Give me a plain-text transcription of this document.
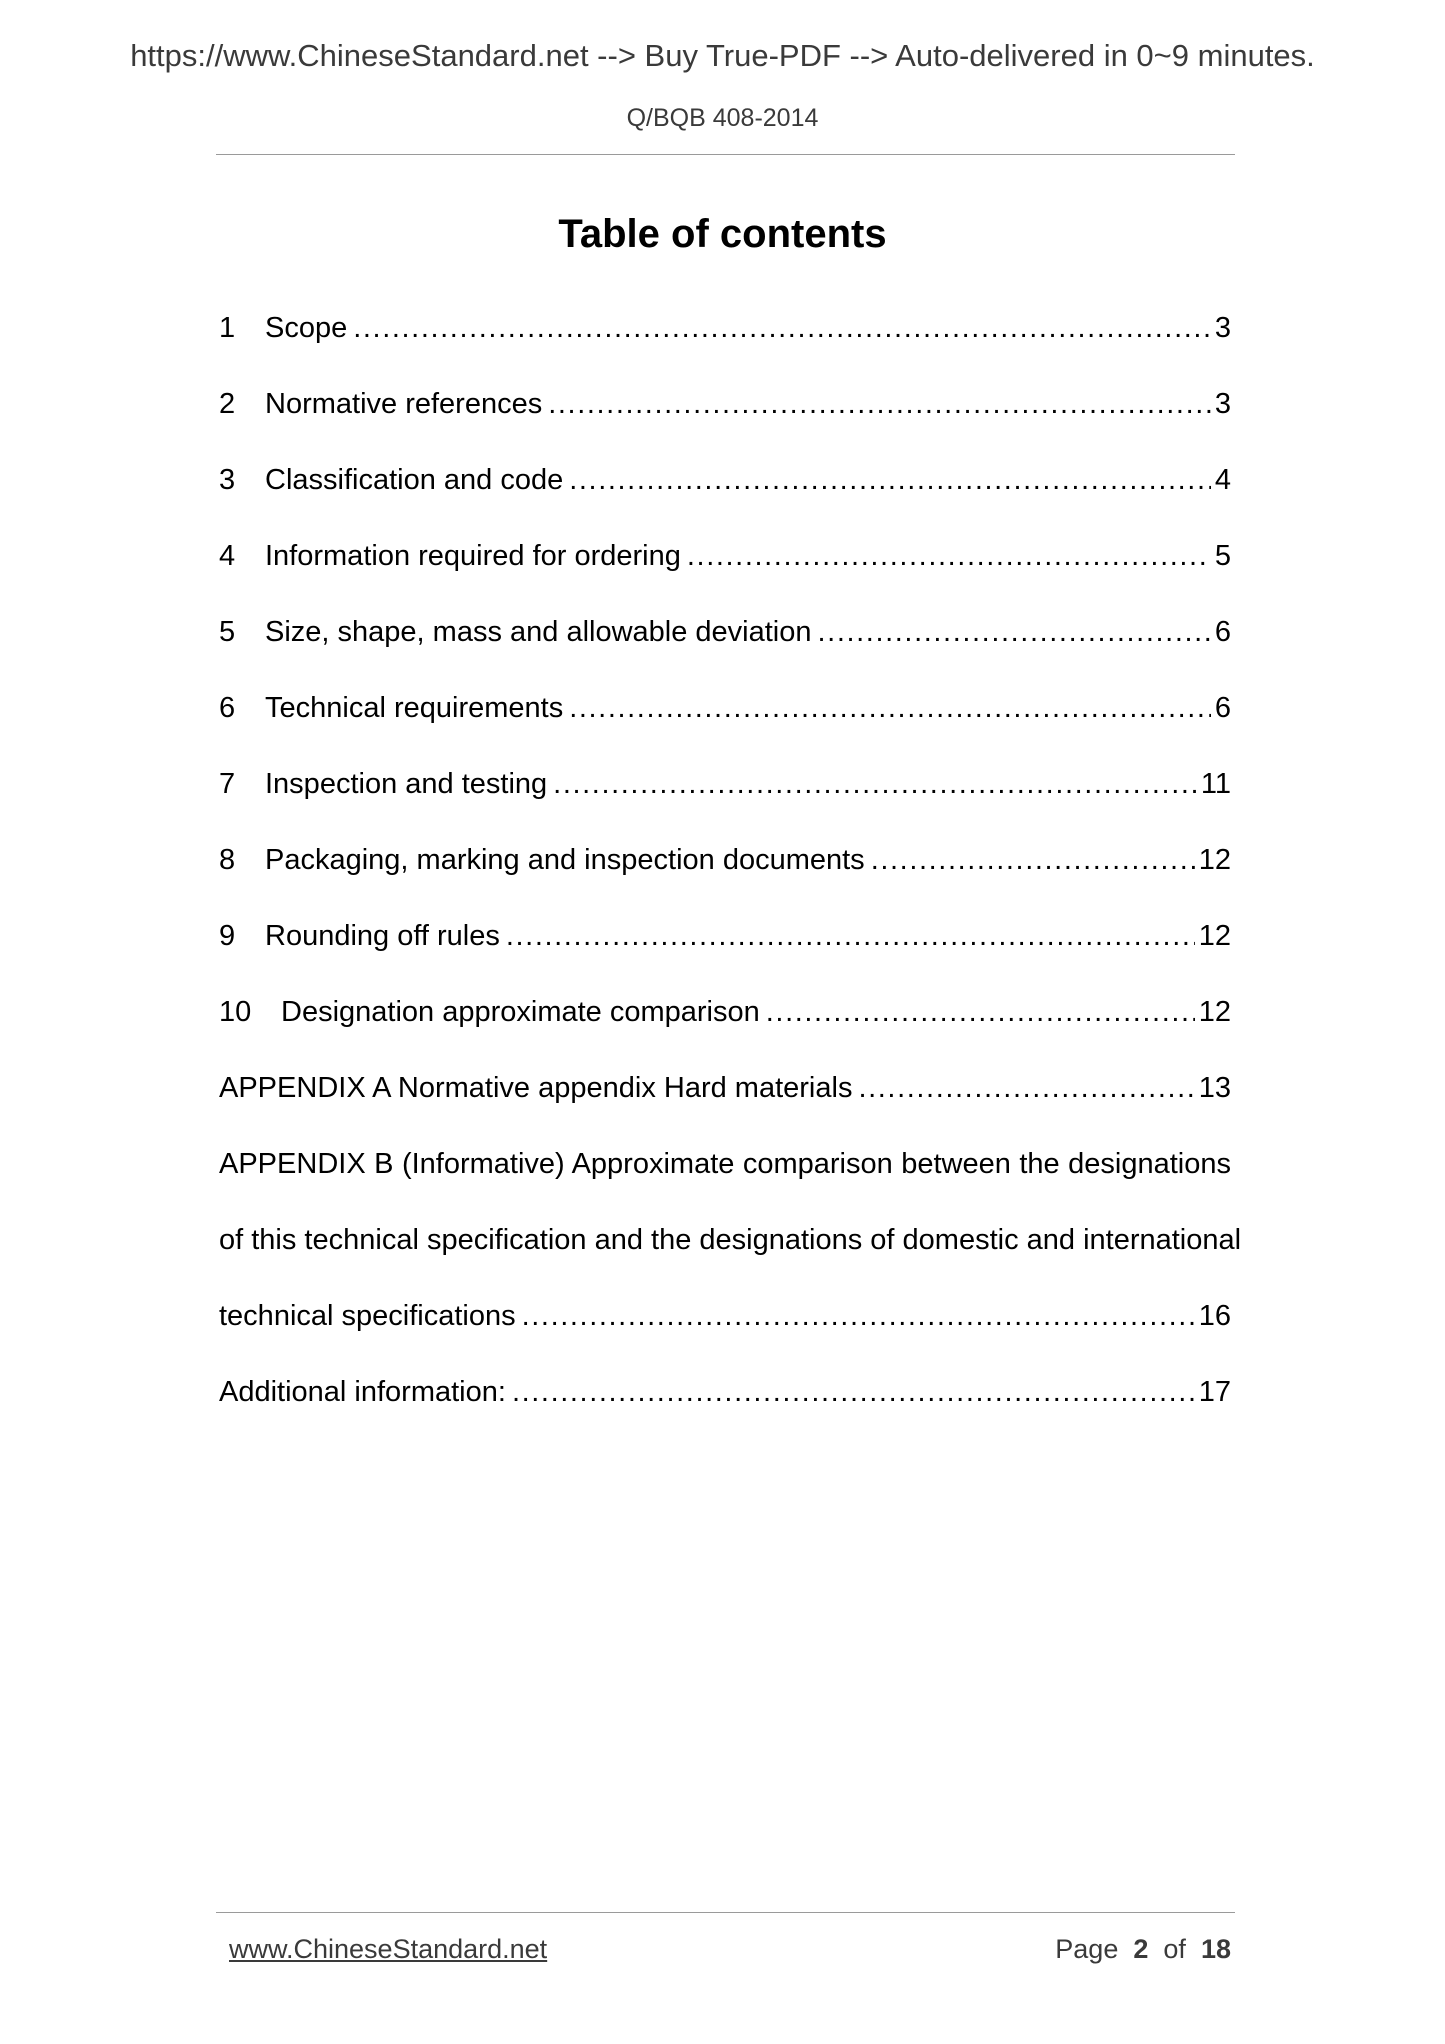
https://www.ChineseStandard.net --> Buy True-PDF --> Auto-delivered in 0~9 minutes.
Q/BQB 408-2014
Table of contents
1	Scope .....	3
2	Normative references .....	3
3	Classification and code .....	4
4	Information required for ordering .....	5
5	Size, shape, mass and allowable deviation .....	6
6	Technical requirements .....	6
7	Inspection and testing .....	11
8	Packaging, marking and inspection documents .....	12
9	Rounding off rules .....	12
10	Designation approximate comparison .....	12
APPENDIX A Normative appendix Hard materials .....	13
APPENDIX B (Informative) Approximate comparison between the designations
of this technical specification and the designations of domestic and international
technical specifications .....	16
Additional information: .....	17
www.ChineseStandard.net	Page 2 of 18
